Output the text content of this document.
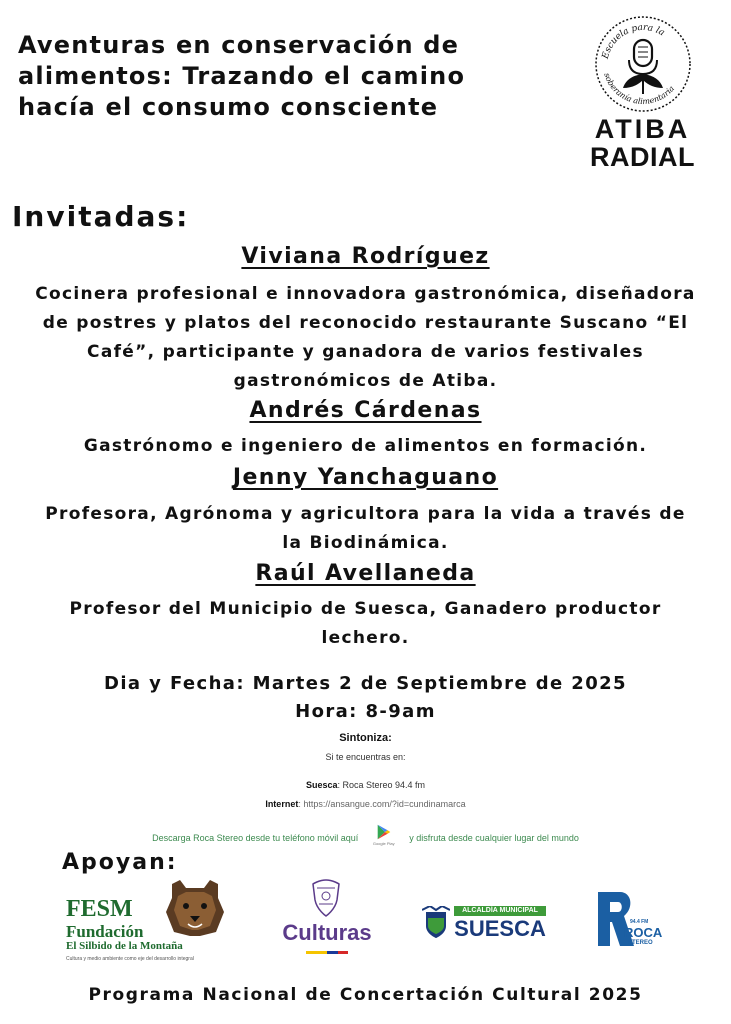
Aventuras en conservación de
alimentos: Trazando el camino
hacía el consumo consciente
Escuela para la
soberanía alimentaria
ATIBA
RADIAL
Invitadas:
Viviana Rodríguez
Cocinera profesional e innovadora gastronómica, diseñadora
de postres y platos del reconocido restaurante Suscano “El
Café”, participante y ganadora de varios festivales
gastronómicos de Atiba.
Andrés Cárdenas
Gastrónomo e ingeniero de alimentos en formación.
Jenny Yanchaguano
Profesora, Agrónoma y agricultora para la vida a través de
la Biodinámica.
Raúl Avellaneda
Profesor del Municipio de Suesca, Ganadero productor
lechero.
Dia y Fecha: Martes 2 de Septiembre de 2025
Hora: 8-9am
Sintoniza:
Si te encuentras en:
Suesca: Roca Stereo 94.4 fm
Internet: https://ansangue.com/?id=cundinamarca
Descarga Roca Stereo desde tu teléfono móvil aquí
Google Play
y disfruta desde cualquier lugar del mundo
Apoyan:
FESM
Fundación
El Silbido de la Montaña
Cultura y medio ambiente como eje del desarrollo integral
Culturas
ALCALDÍA MUNICIPAL
SUESCA	94.4 FM
ROCA
STEREO
Programa Nacional de Concertación Cultural 2025
